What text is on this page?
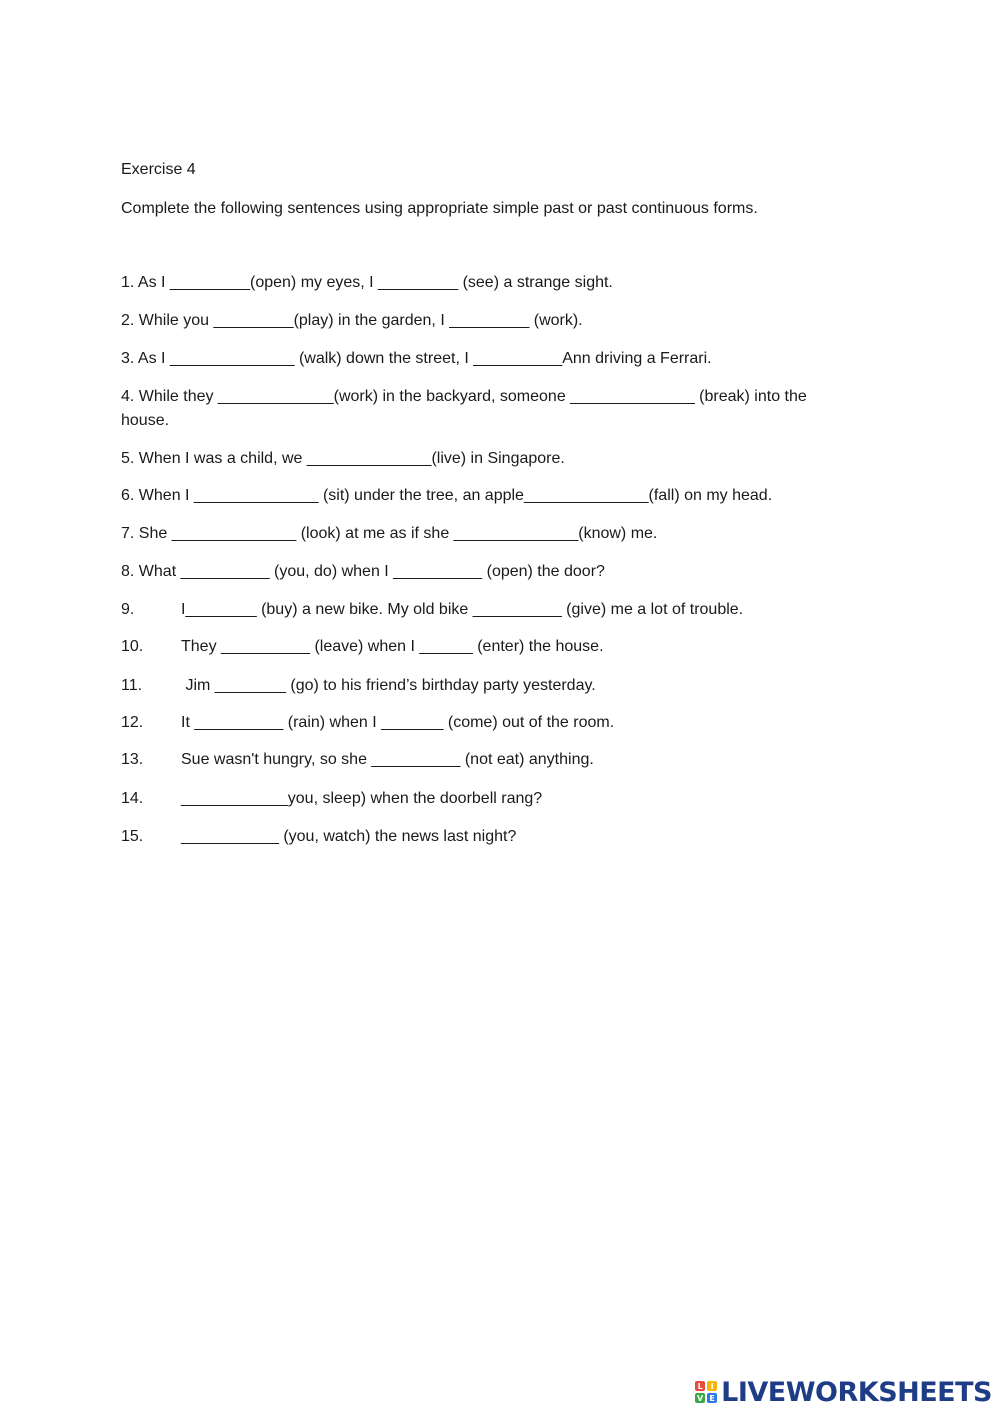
Exercise 4
Complete the following sentences using appropriate simple past or past continuous forms.
1. As I _________(open) my eyes, I _________ (see) a strange sight.
2. While you _________(play) in the garden, I _________ (work).
3. As I ______________ (walk) down the street, I __________Ann driving a Ferrari.
4. While they _____________(work) in the backyard, someone ______________ (break) into the house.
5. When I was a child, we ______________(live) in Singapore.
6. When I ______________ (sit) under the tree, an apple______________(fall) on my head.
7. She ______________ (look) at me as if she ______________(know) me.
8. What __________ (you, do) when I __________ (open) the door?
9.	I________ (buy) a new bike. My old bike __________ (give) me a lot of trouble.
10. They __________ (leave) when I ______ (enter) the house.
11. Jim ________ (go) to his friend’s birthday party yesterday.
12. It __________ (rain) when I _______ (come) out of the room.
13. Sue wasn't hungry, so she __________ (not eat) anything.
14. ____________you, sleep) when the doorbell rang?
15. ___________ (you, watch) the news last night?
L I
V E LIVEWORKSHEETS
